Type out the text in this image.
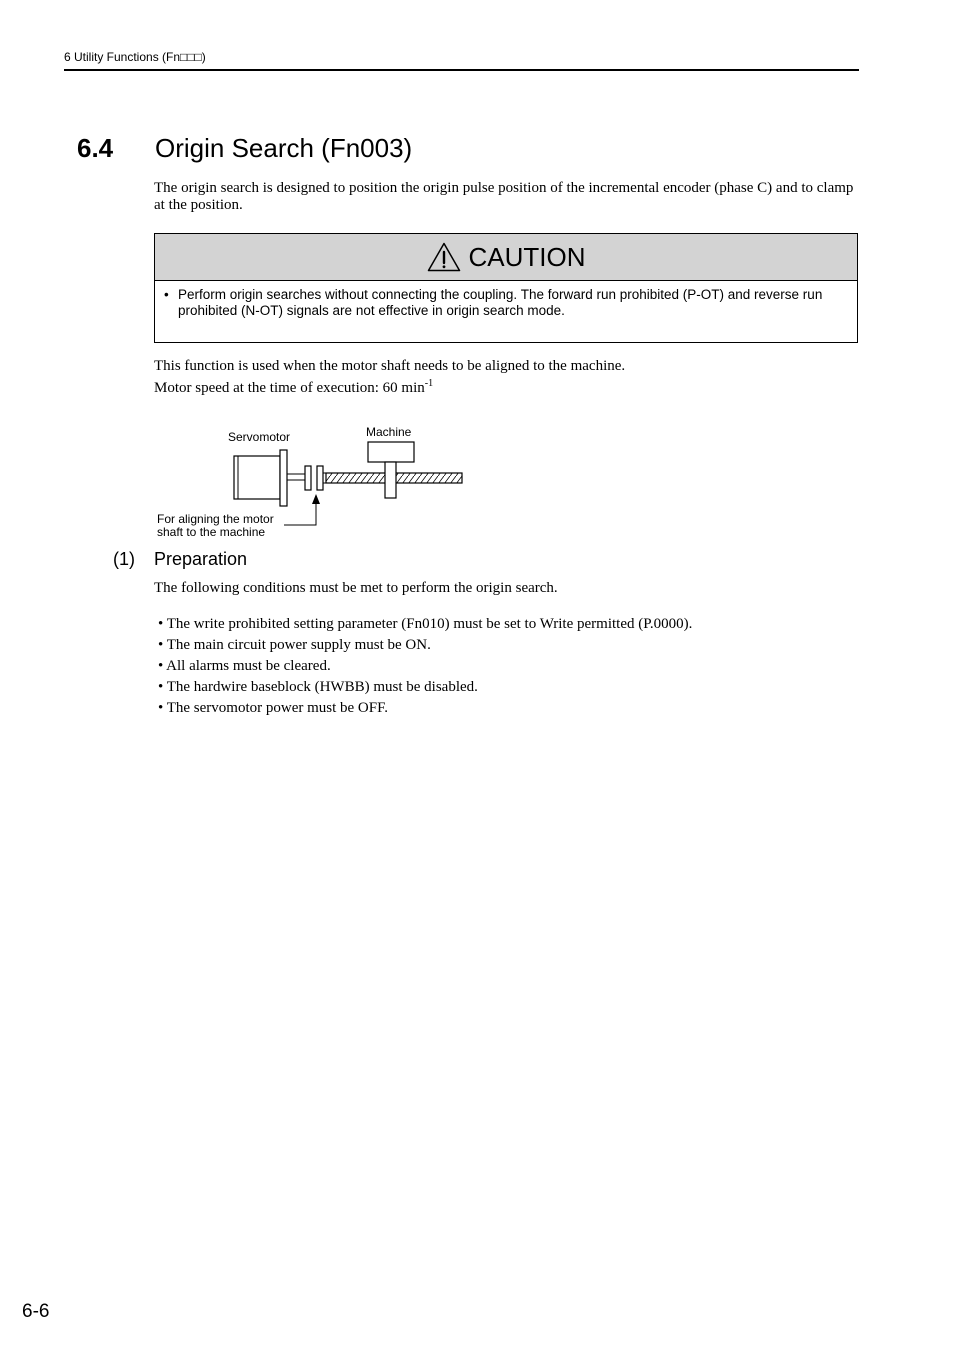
6 Utility Functions (Fn□□□)
6.4 Origin Search (Fn003)
The origin search is designed to position the origin pulse position of the incremental encoder (phase C) and to clamp at the position.
CAUTION
• Perform origin searches without connecting the coupling. The forward run prohibited (P-OT) and reverse run prohibited (N-OT) signals are not effective in origin search mode.
This function is used when the motor shaft needs to be aligned to the machine.
Motor speed at the time of execution: 60 $\min^{-1}$
Servomotor	Machine
For aligning the motor
shaft to the machine
(1) Preparation
The following conditions must be met to perform the origin search.
• The write prohibited setting parameter (Fn010) must be set to Write permitted (P.0000).
• The main circuit power supply must be ON.
• All alarms must be cleared.
• The hardwire baseblock (HWBB) must be disabled.
• The servomotor power must be OFF.
6-6
